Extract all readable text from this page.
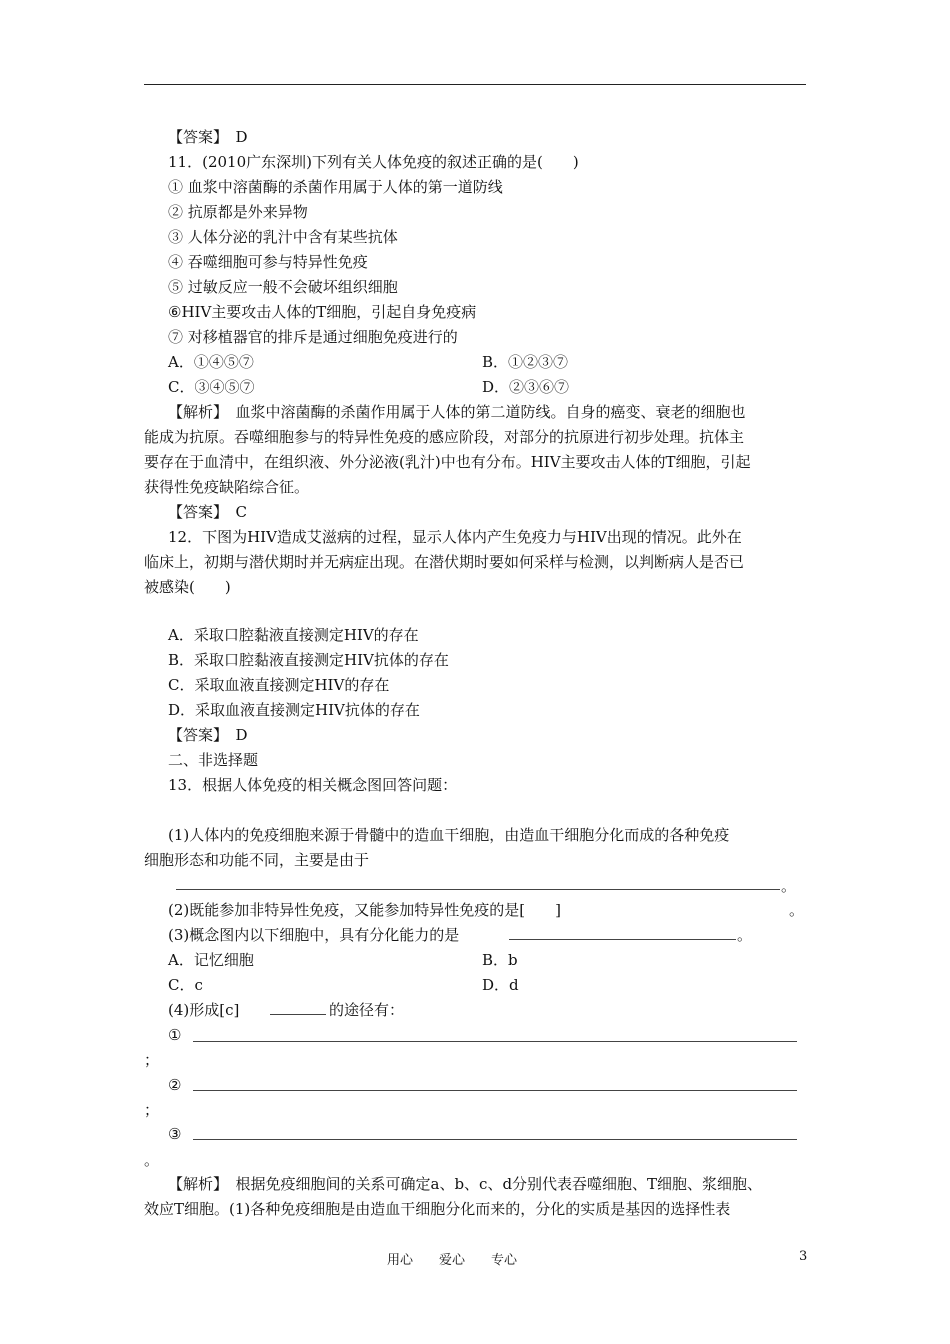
【答案】　D
11．(2010广东深圳)下列有关人体免疫的叙述正确的是(　　)
① 血浆中溶菌酶的杀菌作用属于人体的第一道防线
② 抗原都是外来异物
③ 人体分泌的乳汁中含有某些抗体
④ 吞噬细胞可参与特异性免疫
⑤ 过敏反应一般不会破坏组织细胞
⑥HIV主要攻击人体的T细胞，引起自身免疫病
⑦ 对移植器官的排斥是通过细胞免疫进行的
A．①④⑤⑦	B．①②③⑦
C．③④⑤⑦	D．②③⑥⑦
【解析】　血浆中溶菌酶的杀菌作用属于人体的第二道防线。自身的癌变、衰老的细胞也
能成为抗原。吞噬细胞参与的特异性免疫的感应阶段，对部分的抗原进行初步处理。抗体主
要存在于血清中，在组织液、外分泌液(乳汁)中也有分布。HIV主要攻击人体的T细胞，引起
获得性免疫缺陷综合征。
【答案】　C
12．下图为HIV造成艾滋病的过程，显示人体内产生免疫力与HIV出现的情况。此外在
临床上，初期与潜伏期时并无病症出现。在潜伏期时要如何采样与检测，以判断病人是否已
被感染(　　)
A．采取口腔黏液直接测定HIV的存在
B．采取口腔黏液直接测定HIV抗体的存在
C．采取血液直接测定HIV的存在
D．采取血液直接测定HIV抗体的存在
【答案】　D
二、非选择题
13．根据人体免疫的相关概念图回答问题：
(1)人体内的免疫细胞来源于骨髓中的造血干细胞，由造血干细胞分化而成的各种免疫
细胞形态和功能不同，主要是由于
。
(2)既能参加非特异性免疫，又能参加特异性免疫的是[　　]	。
(3)概念图内以下细胞中，具有分化能力的是	。
A．记忆细胞	B．b
C．c	D．d
(4)形成[c]	的途径有：
①
；
②
；
③
。
【解析】　根据免疫细胞间的关系可确定a、b、c、d分别代表吞噬细胞、T细胞、浆细胞、
效应T细胞。(1)各种免疫细胞是由造血干细胞分化而来的，分化的实质是基因的选择性表
用心　　爱心　　专心	3
